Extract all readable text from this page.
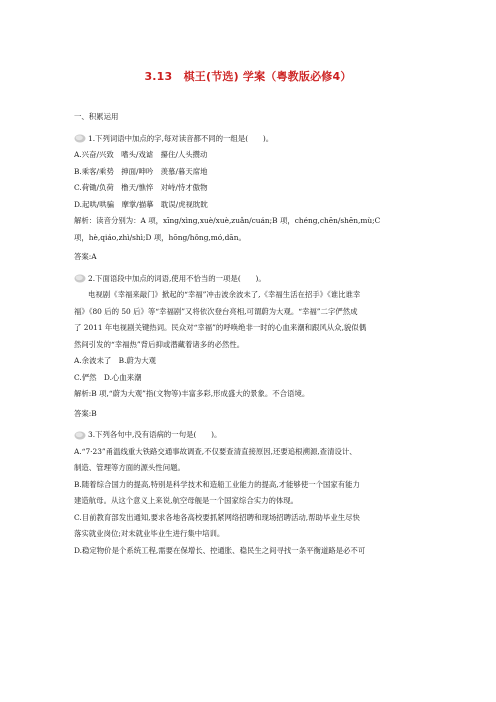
3.13　棋王(节选) 学案（粤教版必修4）
一、积累运用
1.下列词语中加点的字,每对读音都不同的一组是(　　)。
A.兴奋/兴致　嗜头/戏谑　攥住/人头攒动
B.乘客/乘势　抻面/呻吟　羡慕/暮天席地
C.荷锄/负荷　橹天/憔悴　对峙/恃才傲物
D.起哄/哄骗　摩掌/描摹　耽误/虎视眈眈
解析：读音分别为：A 项，xīng/xìng,xuè/xuè,zuǎn/cuán;B 项，chéng,chēn/shēn,mù;C
项，hè,qiáo,zhì/shì;D 项，hōng/hǒng,mó,dān。
答案:A
2.下面语段中加点的词语,使用不恰当的一项是(　　)。
电视剧《幸福来敲门》掀起的“幸福”冲击波余波未了,《幸福生活在招手》《谁比谁幸
福》《80 后的 50 后》等“幸福剧”又将依次登台亮相,可谓蔚为大观。“幸福”二字俨然成
了 2011 年电视剧关键热词。民众对“幸福”的呼唤绝非一时的心血来潮和跟风从众,貌似偶
然间引发的“幸福热”背后抑或潜藏着诸多的必然性。
A.余波未了　B.蔚为大观
C.俨然　D.心血来潮
解析:B 项,“蔚为大观”指(文物等)丰富多彩,形成盛大的景象。不合语境。
答案:B
3.下列各句中,没有语病的一句是(　　)。
A.“7·23”甬温线重大铁路交通事故调查,不仅要查清直接原因,还要追根溯源,查清设计、
制造、管理等方面的源头性问题。
B.随着综合国力的提高,特别是科学技术和造船工业能力的提高,才能够使一个国家有能力
建造航母。从这个意义上来说,航空母舰是一个国家综合实力的体现。
C.目前教育部发出通知,要求各地各高校要抓紧网络招聘和现场招聘活动,帮助毕业生尽快
落实就业岗位;对未就业毕业生进行集中培训。
D.稳定物价是个系统工程,需要在保增长、控通胀、稳民生之间寻找一条平衡道路是必不可
